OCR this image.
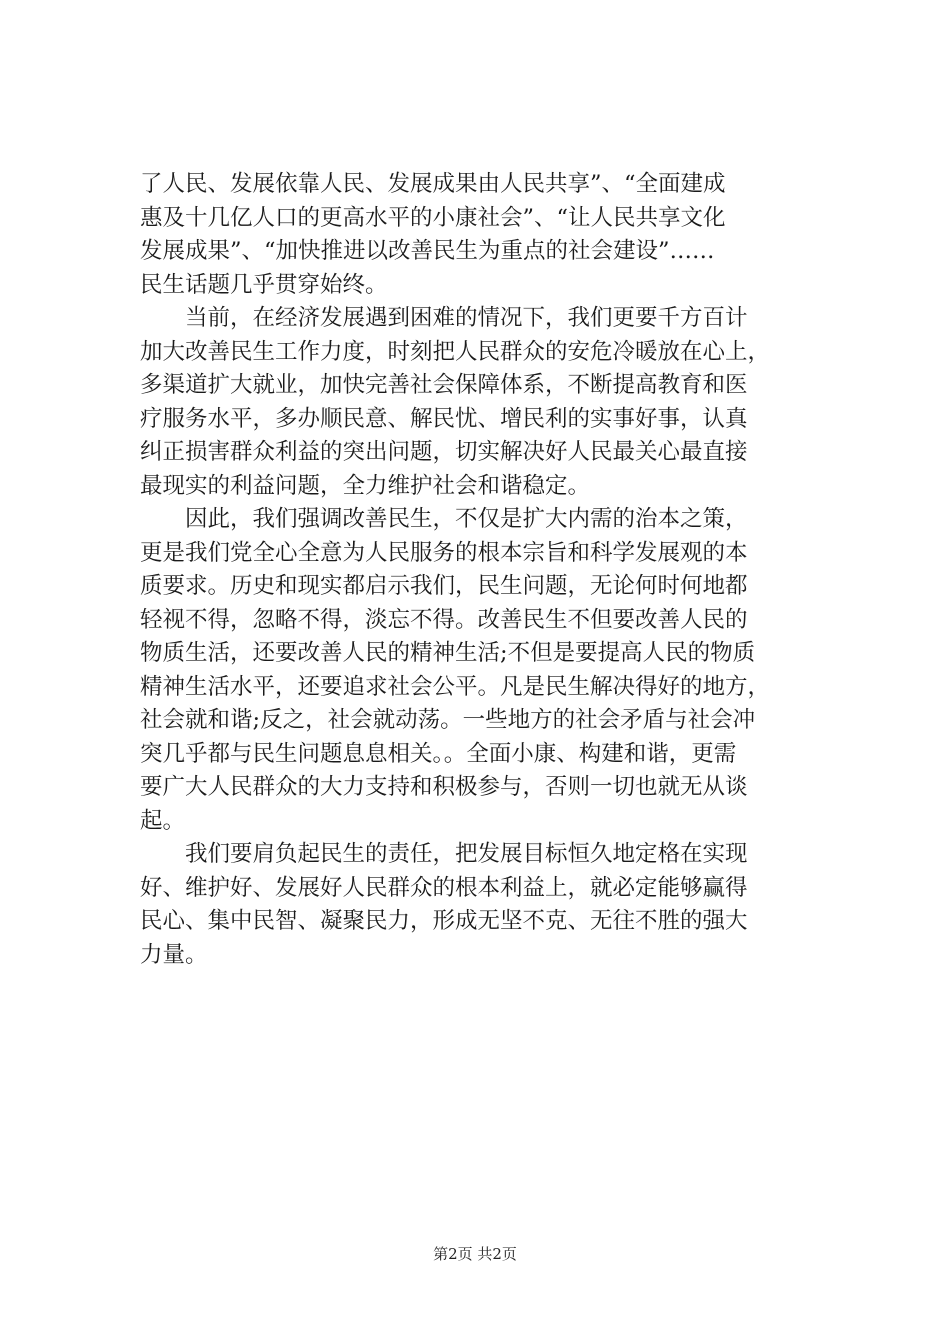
了人民、发展依靠人民、发展成果由人民共享”、“全面建成
惠及十几亿人口的更高水平的小康社会”、“让人民共享文化
发展成果”、“加快推进以改善民生为重点的社会建设”……
民生话题几乎贯穿始终。
　　当前，在经济发展遇到困难的情况下，我们更要千方百计
加大改善民生工作力度，时刻把人民群众的安危冷暖放在心上，
多渠道扩大就业，加快完善社会保障体系，不断提高教育和医
疗服务水平，多办顺民意、解民忧、增民利的实事好事，认真
纠正损害群众利益的突出问题，切实解决好人民最关心最直接
最现实的利益问题，全力维护社会和谐稳定。
　　因此，我们强调改善民生，不仅是扩大内需的治本之策，
更是我们党全心全意为人民服务的根本宗旨和科学发展观的本
质要求。历史和现实都启示我们，民生问题，无论何时何地都
轻视不得，忽略不得，淡忘不得。改善民生不但要改善人民的
物质生活，还要改善人民的精神生活;不但是要提高人民的物质
精神生活水平，还要追求社会公平。凡是民生解决得好的地方，
社会就和谐;反之，社会就动荡。一些地方的社会矛盾与社会冲
突几乎都与民生问题息息相关。。全面小康、构建和谐，更需
要广大人民群众的大力支持和积极参与，否则一切也就无从谈
起。
　　我们要肩负起民生的责任，把发展目标恒久地定格在实现
好、维护好、发展好人民群众的根本利益上，就必定能够赢得
民心、集中民智、凝聚民力，形成无坚不克、无往不胜的强大
力量。
第2页 共2页
